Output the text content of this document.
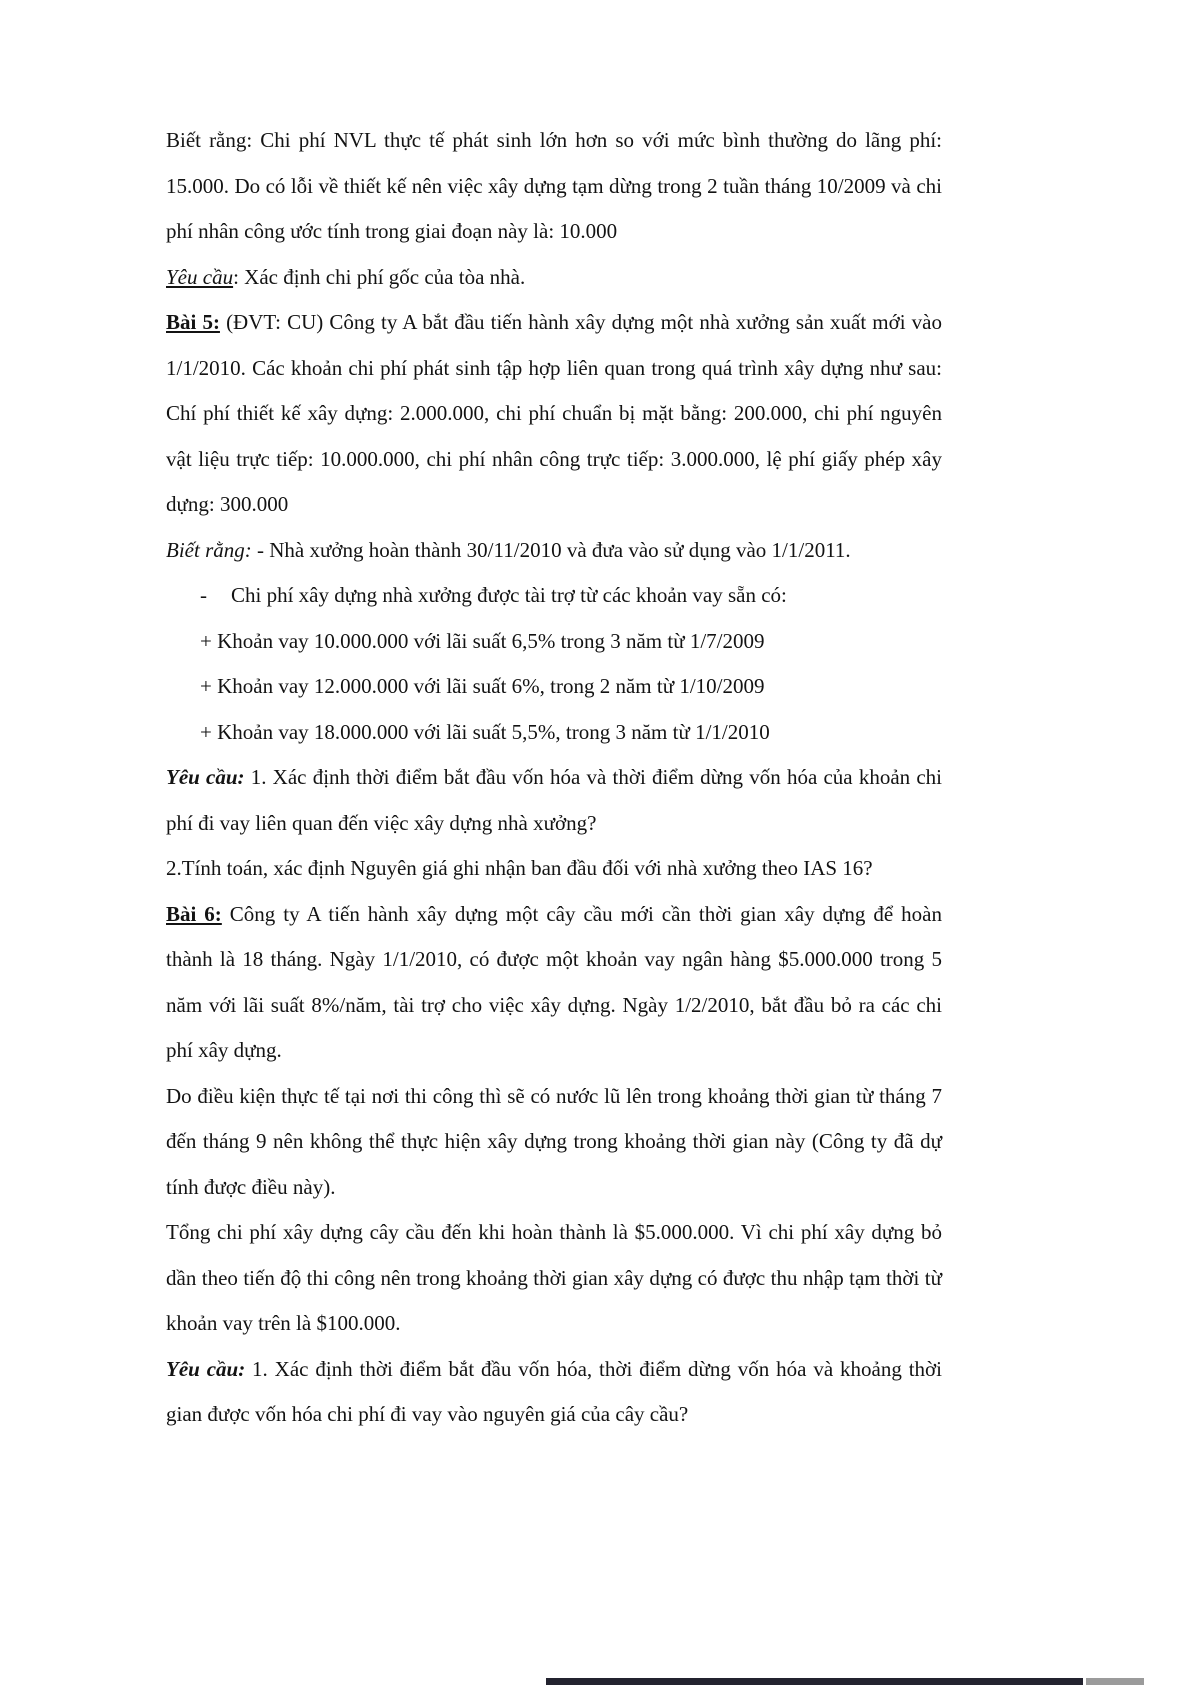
Biết rằng: Chi phí NVL thực tế phát sinh lớn hơn so với mức bình thường do lãng phí: 15.000. Do có lỗi về thiết kế nên việc xây dựng tạm dừng trong 2 tuần tháng 10/2009 và chi phí nhân công ước tính trong giai đoạn này là: 10.000

Yêu cầu: Xác định chi phí gốc của tòa nhà.

Bài 5: (ĐVT: CU) Công ty A bắt đầu tiến hành xây dựng một nhà xưởng sản xuất mới vào 1/1/2010. Các khoản chi phí phát sinh tập hợp liên quan trong quá trình xây dựng như sau: Chí phí thiết kế xây dựng: 2.000.000, chi phí chuẩn bị mặt bằng: 200.000, chi phí nguyên vật liệu trực tiếp: 10.000.000, chi phí nhân công trực tiếp: 3.000.000, lệ phí giấy phép xây dựng: 300.000

Biết rằng: - Nhà xưởng hoàn thành 30/11/2010 và đưa vào sử dụng vào 1/1/2011.

- Chi phí xây dựng nhà xưởng được tài trợ từ các khoản vay sẵn có:

+ Khoản vay 10.000.000 với lãi suất 6,5% trong 3 năm từ 1/7/2009

+ Khoản vay 12.000.000 với lãi suất 6%, trong 2 năm từ 1/10/2009

+ Khoản vay 18.000.000 với lãi suất 5,5%, trong 3 năm từ 1/1/2010

Yêu cầu: 1. Xác định thời điểm bắt đầu vốn hóa và thời điểm dừng vốn hóa của khoản chi phí đi vay liên quan đến việc xây dựng nhà xưởng?

2.Tính toán, xác định Nguyên giá ghi nhận ban đầu đối với nhà xưởng theo IAS 16?

Bài 6: Công ty A tiến hành xây dựng một cây cầu mới cần thời gian xây dựng để hoàn thành là 18 tháng. Ngày 1/1/2010, có được một khoản vay ngân hàng $5.000.000 trong 5 năm với lãi suất 8%/năm, tài trợ cho việc xây dựng. Ngày 1/2/2010, bắt đầu bỏ ra các chi phí xây dựng.

Do điều kiện thực tế tại nơi thi công thì sẽ có nước lũ lên trong khoảng thời gian từ tháng 7 đến tháng 9 nên không thể thực hiện xây dựng trong khoảng thời gian này (Công ty đã dự tính được điều này).

Tổng chi phí xây dựng cây cầu đến khi hoàn thành là $5.000.000. Vì chi phí xây dựng bỏ dần theo tiến độ thi công nên trong khoảng thời gian xây dựng có được thu nhập tạm thời từ khoản vay trên là $100.000.

Yêu cầu: 1. Xác định thời điểm bắt đầu vốn hóa, thời điểm dừng vốn hóa và khoảng thời gian được vốn hóa chi phí đi vay vào nguyên giá của cây cầu?
